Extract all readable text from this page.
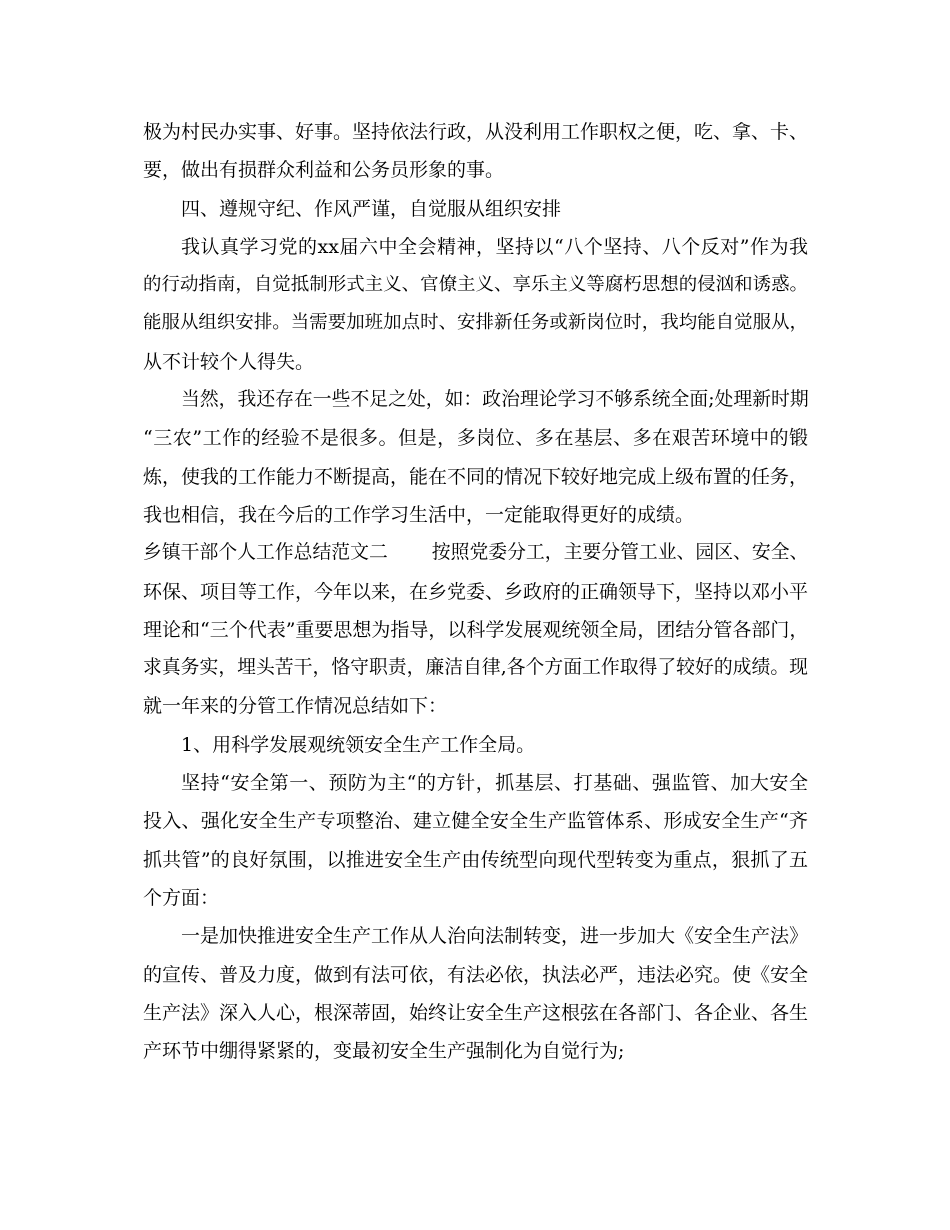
极为村民办实事、好事。坚持依法行政，从没利用工作职权之便，吃、拿、卡、
要，做出有损群众利益和公务员形象的事。
四、遵规守纪、作风严谨，自觉服从组织安排
我认真学习党的xx届六中全会精神，坚持以“八个坚持、八个反对”作为我
的行动指南，自觉抵制形式主义、官僚主义、享乐主义等腐朽思想的侵汹和诱惑。
能服从组织安排。当需要加班加点时、安排新任务或新岗位时，我均能自觉服从，
从不计较个人得失。
当然，我还存在一些不足之处，如：政治理论学习不够系统全面;处理新时期
“三农”工作的经验不是很多。但是，多岗位、多在基层、多在艰苦环境中的锻
炼，使我的工作能力不断提高，能在不同的情况下较好地完成上级布置的任务，
我也相信，我在今后的工作学习生活中，一定能取得更好的成绩。
乡镇干部个人工作总结范文二 按照党委分工，主要分管工业、园区、安全、
环保、项目等工作，今年以来，在乡党委、乡政府的正确领导下，坚持以邓小平
理论和“三个代表”重要思想为指导，以科学发展观统领全局，团结分管各部门，
求真务实，埋头苦干，恪守职责，廉洁自律,各个方面工作取得了较好的成绩。现
就一年来的分管工作情况总结如下：
1、用科学发展观统领安全生产工作全局。
坚持“安全第一、预防为主“的方针，抓基层、打基础、强监管、加大安全
投入、强化安全生产专项整治、建立健全安全生产监管体系、形成安全生产“齐
抓共管”的良好氛围，以推进安全生产由传统型向现代型转变为重点，狠抓了五
个方面：
一是加快推进安全生产工作从人治向法制转变，进一步加大《安全生产法》
的宣传、普及力度，做到有法可依，有法必依，执法必严，违法必究。使《安全
生产法》深入人心，根深蒂固，始终让安全生产这根弦在各部门、各企业、各生
产环节中绷得紧紧的，变最初安全生产强制化为自觉行为;
